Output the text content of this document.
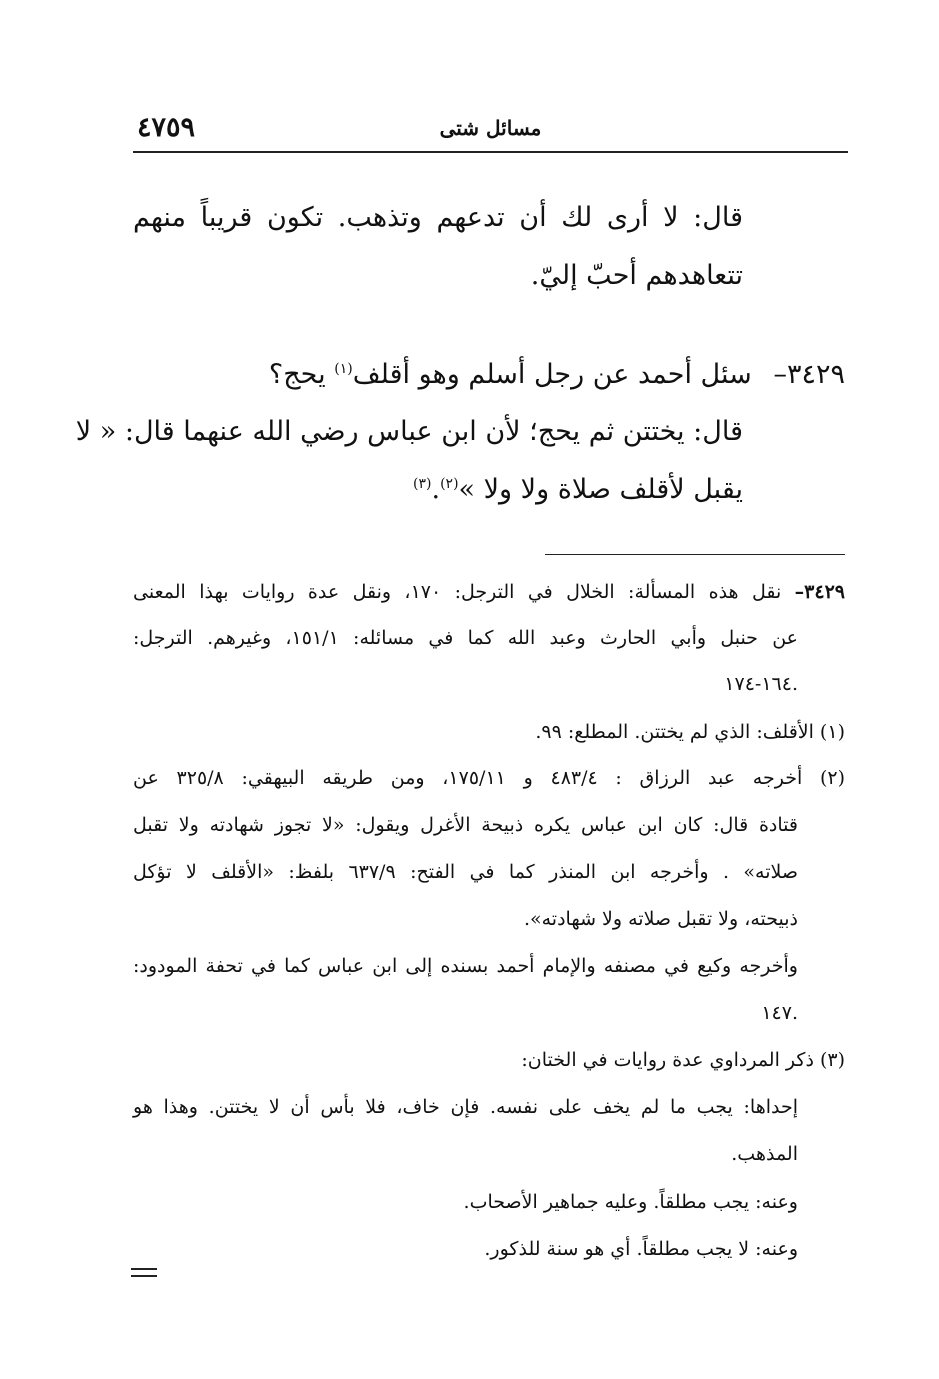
٤٧٥٩	مسائل شتى
قال: لا أرى لك أن تدعهم وتذهب. تكون قريباً منهم
تتعاهدهم أحبّ إليّ.
٣٤٢٩–   سئل أحمد عن رجل أسلم وهو أقلف$^{(١)}$ يحج؟
قال: يختتن ثم يحج؛ لأن ابن عباس رضي الله عنهما قال: « لا
يقبل لأقلف صلاة ولا ولا »$^{(٢)}$.$^{(٣)}$
٣٤٢٩– نقل هذه المسألة: الخلال في الترجل: ١٧٠، ونقل عدة روايات بهذا المعنى
عن حنبل وأبي الحارث وعبد الله كما في مسائله: ١٥١/١، وغيرهم. الترجل:
١٦٤-١٧٤.
(١) الأقلف: الذي لم يختتن. المطلع: ٩٩.
(٢) أخرجه عبد الرزاق : ٤٨٣/٤ و ١٧٥/١١، ومن طريقه البيهقي: ٣٢٥/٨ عن
قتادة قال: كان ابن عباس يكره ذبيحة الأغرل ويقول: «لا تجوز شهادته ولا تقبل
صلاته» . وأخرجه ابن المنذر كما في الفتح: ٦٣٧/٩ بلفظ: «الأقلف لا تؤكل
ذبيحته، ولا تقبل صلاته ولا شهادته».
وأخرجه وكيع في مصنفه والإمام أحمد بسنده إلى ابن عباس كما في تحفة المودود:
١٤٧.
(٣) ذكر المرداوي عدة روايات في الختان:
إحداها: يجب ما لم يخف على نفسه. فإن خاف، فلا بأس أن لا يختتن. وهذا هو
المذهب.
وعنه: يجب مطلقاً. وعليه جماهير الأصحاب.
وعنه: لا يجب مطلقاً. أي هو سنة للذكور.
